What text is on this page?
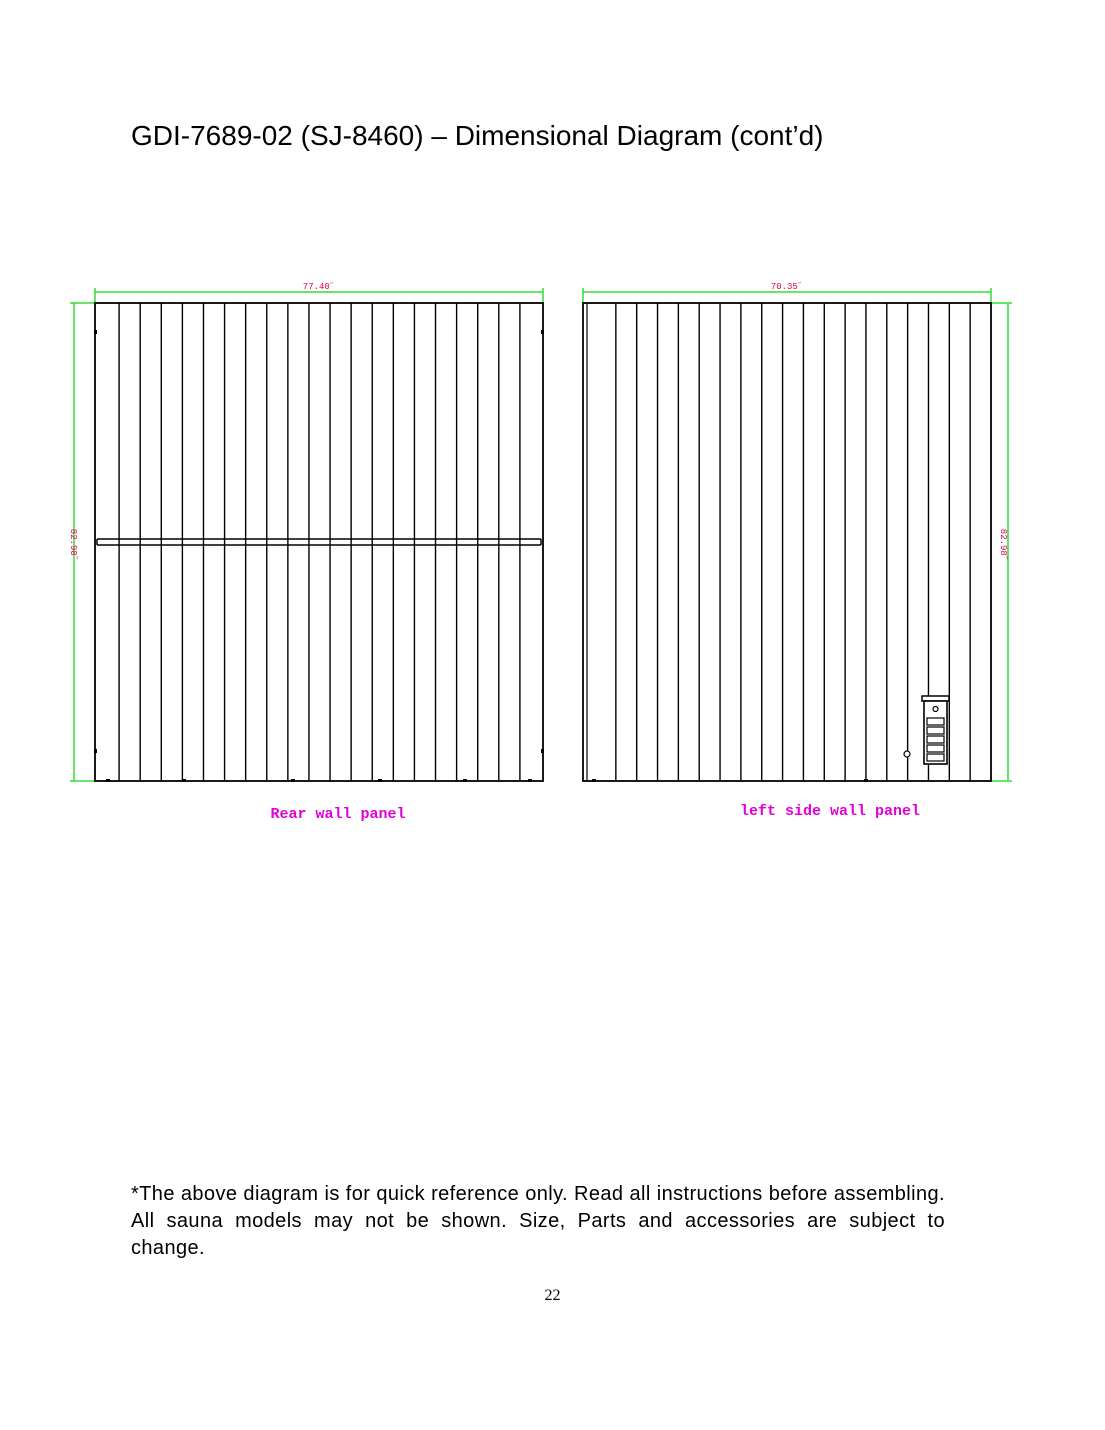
GDI-7689-02 (SJ-8460) – Dimensional Diagram (cont’d)
77.40˝
82.98˝
Rear wall panel
70.35˝
82.98˝
left side wall panel
*The above diagram is for quick reference only. Read all instructions before assembling. All sauna models may not be shown. Size, Parts and accessories are subject to change.
22
